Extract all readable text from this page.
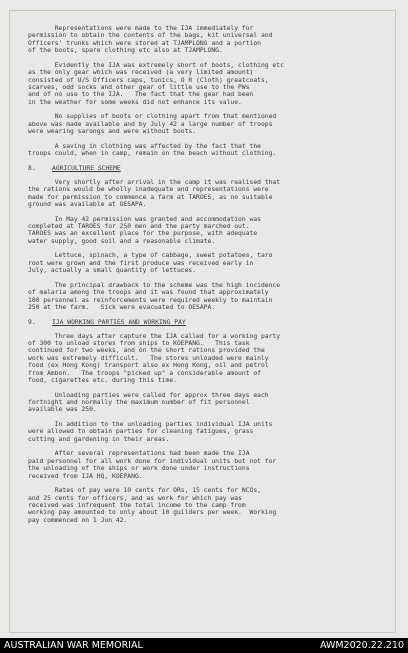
Representations were made to the IJA immediately for
permission to obtain the contents of the bags, kit universal and
Officers' trunks which were stored at TJAMPLONG and a portion
of the boots, spare clothing etc also at TJAMPLONG.

Evidently the IJA was extremely short of boots, clothing etc
as the only gear which was received (a very limited amount)
consisted of U/S Officers caps, tunics, O R (Cloth) greatcoats,
scarves, odd socks and other gear of little use to the PWs
and of no use to the IJA.   The fact that the gear had been
in the weather for some weeks did not enhance its value.

No supplies of boots or clothing apart from that mentioned
above was made available and by July 42 a large number of troops
were wearing sarongs and were without boots.

A saving in clothing was affected by the fact that the
troops could, when in camp, remain on the beach without clothing.

8.	AGRICULTURE SCHEME

Very shortly after arrival in the camp it was realised that
the rations would be wholly inadequate and representations were
made for permission to commence a farm at TAROES, as no suitable
ground was available at OESAPA.

In May 42 permission was granted and accommodation was
completed at TAROES for 250 men and the party marched out.
TAROES was an excellent place for the purpose, with adequate
water supply, good soil and a reasonable climate.

Lettuce, spinach, a type of cabbage, sweet potatoes, taro
root were grown and the first produce was received early in
July, actually a small quantity of lettuces.

The principal drawback to the scheme was the high incidence
of malaria among the troops and it was found that approximately
100 personnel as reinforcements were required weekly to maintain
250 at the farm.   Sick were evacuated to OESAPA.

9.	IJA WORKING PARTIES AND WORKING PAY

Three days after capture the IJA called for a working party
of 300 to unload stores from ships to KOEPANG.   This task
continued for two weeks, and on the short rations provided the
work was extremely difficult.   The stores unloaded were mainly
food (ex Hong Kong) transport also ex Hong Kong, oil and petrol
from Ambon.   The troops "picked up" a considerable amount of
food, cigarettes etc. during this time.

Unloading parties were called for approx three days each
fortnight and normally the maximum number of fit personnel
available was 250.

In addition to the unloading parties individual IJA units
were allowed to obtain parties for cleaning fatigues, grass
cutting and gardening in their areas.

After several representations had been made the IJA
paid personnel for all work done for individual units but not for
the unloading of the ships or work done under instructions
received from IJA HQ, KOEPANG.

Rates of pay were 10 cents for ORs, 15 cents for NCOs,
and 25 cents for officers, and as work for which pay was
received was infrequent the total income to the camp from
working pay amounted to only about 10 guilders per week.  Working
pay commenced on 1 Jun 42.

AUSTRALIAN WAR MEMORIAL	AWM2020.22.210
